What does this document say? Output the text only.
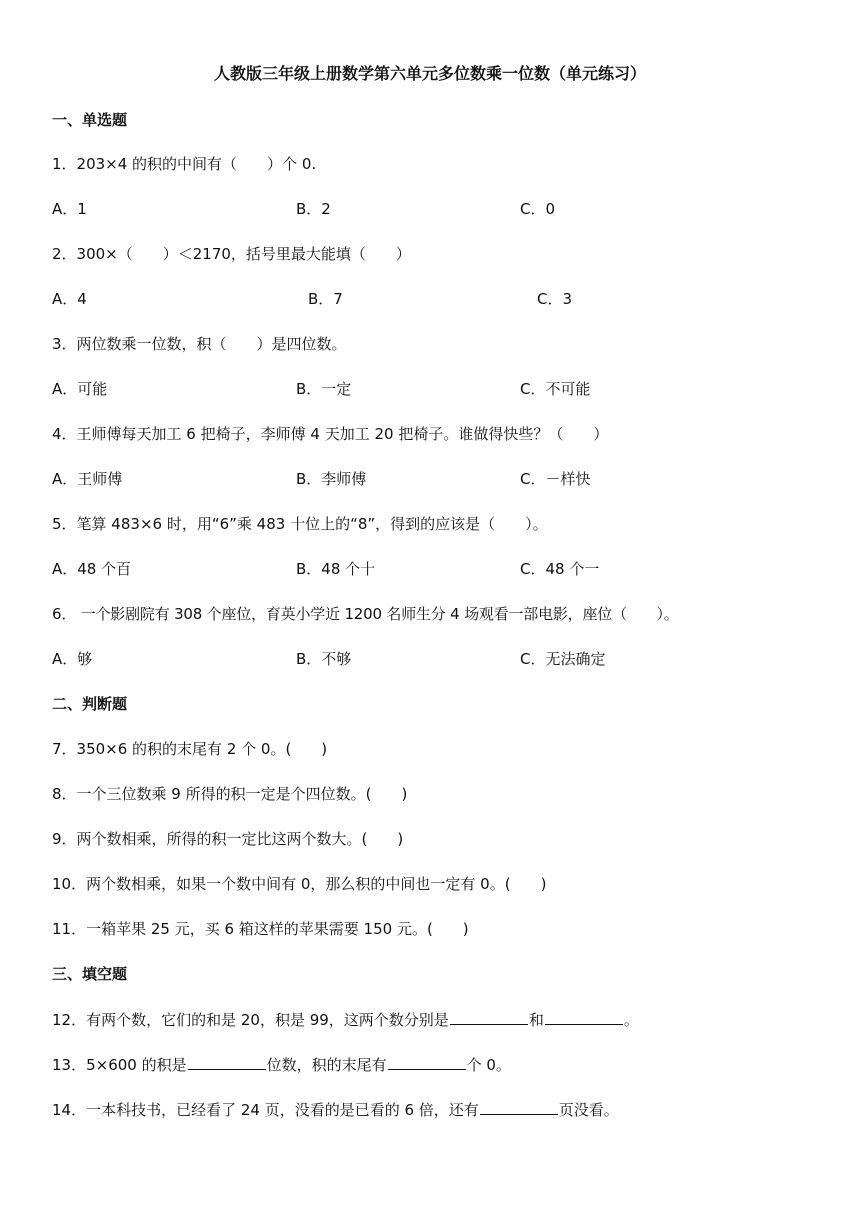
人教版三年级上册数学第六单元多位数乘一位数（单元练习）
一、单选题
1．203×4 的积的中间有（　　）个 0.
A．1	B．2	C．0
2．300×（　　）＜2170，括号里最大能填（　　）
A．4	B．7	C．3
3．两位数乘一位数，积（　　）是四位数。
A．可能	B．一定	C．不可能
4．王师傅每天加工 6 把椅子，李师傅 4 天加工 20 把椅子。谁做得快些？（　　）
A．王师傅	B．李师傅	C．－样快
5．笔算 483×6 时，用“6”乘 483 十位上的“8”，得到的应该是（　　）。
A．48 个百	B．48 个十	C．48 个一
6． 一个影剧院有 308 个座位，育英小学近 1200 名师生分 4 场观看一部电影，座位（　　）。
A．够	B．不够	C．无法确定
二、判断题
7．350×6 的积的末尾有 2 个 0。(　　)
8．一个三位数乘 9 所得的积一定是个四位数。(　　)
9．两个数相乘，所得的积一定比这两个数大。(　　)
10．两个数相乘，如果一个数中间有 0，那么积的中间也一定有 0。(　　)
11．一箱苹果 25 元，买 6 箱这样的苹果需要 150 元。(　　)
三、填空题
12．有两个数，它们的和是 20，积是 99，这两个数分别是	和	。
13．5×600 的积是	位数，积的末尾有	个 0。
14．一本科技书，已经看了 24 页，没看的是已看的 6 倍，还有	页没看。
